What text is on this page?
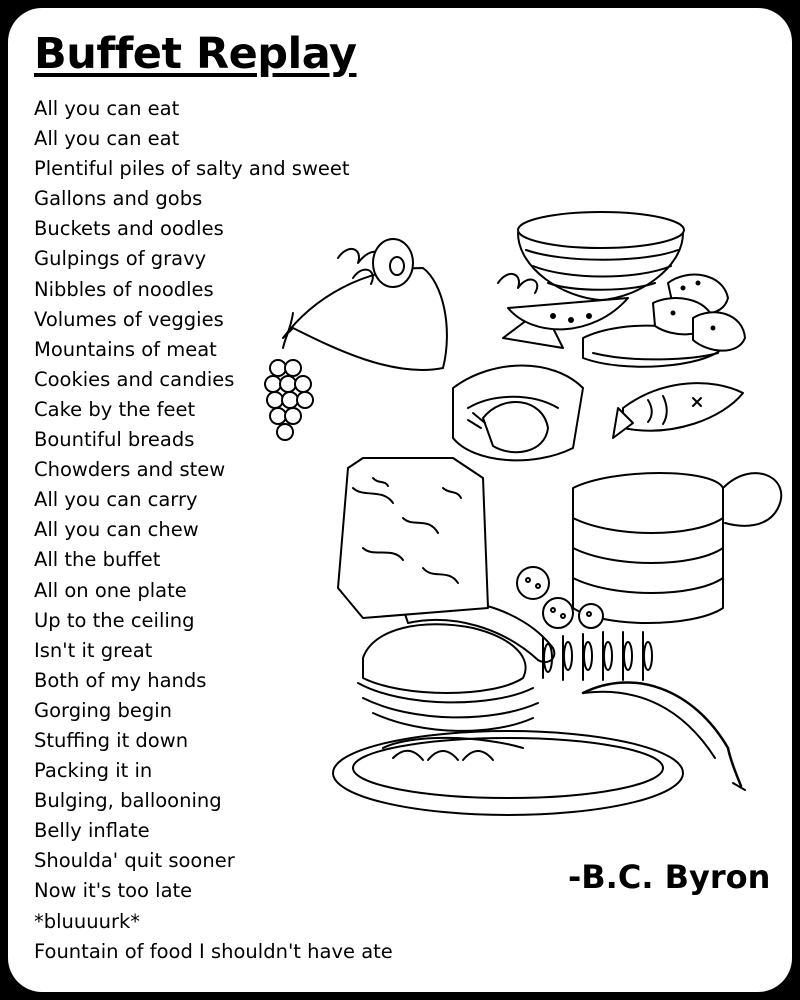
Buffet Replay
All you can eat
All you can eat
Plentiful piles of salty and sweet
Gallons and gobs
Buckets and oodles
Gulpings of gravy
Nibbles of noodles
Volumes of veggies
Mountains of meat
Cookies and candies
Cake by the feet
Bountiful breads
Chowders and stew
All you can carry
All you can chew
All the buffet
All on one plate
Up to the ceiling
Isn't it great
Both of my hands
Gorging begin
Stuffing it down
Packing it in
Bulging, ballooning
Belly inflate
Shoulda' quit sooner
Now it's too late
*bluuuurk*
Fountain of food I shouldn't have ate
-B.C. Byron
